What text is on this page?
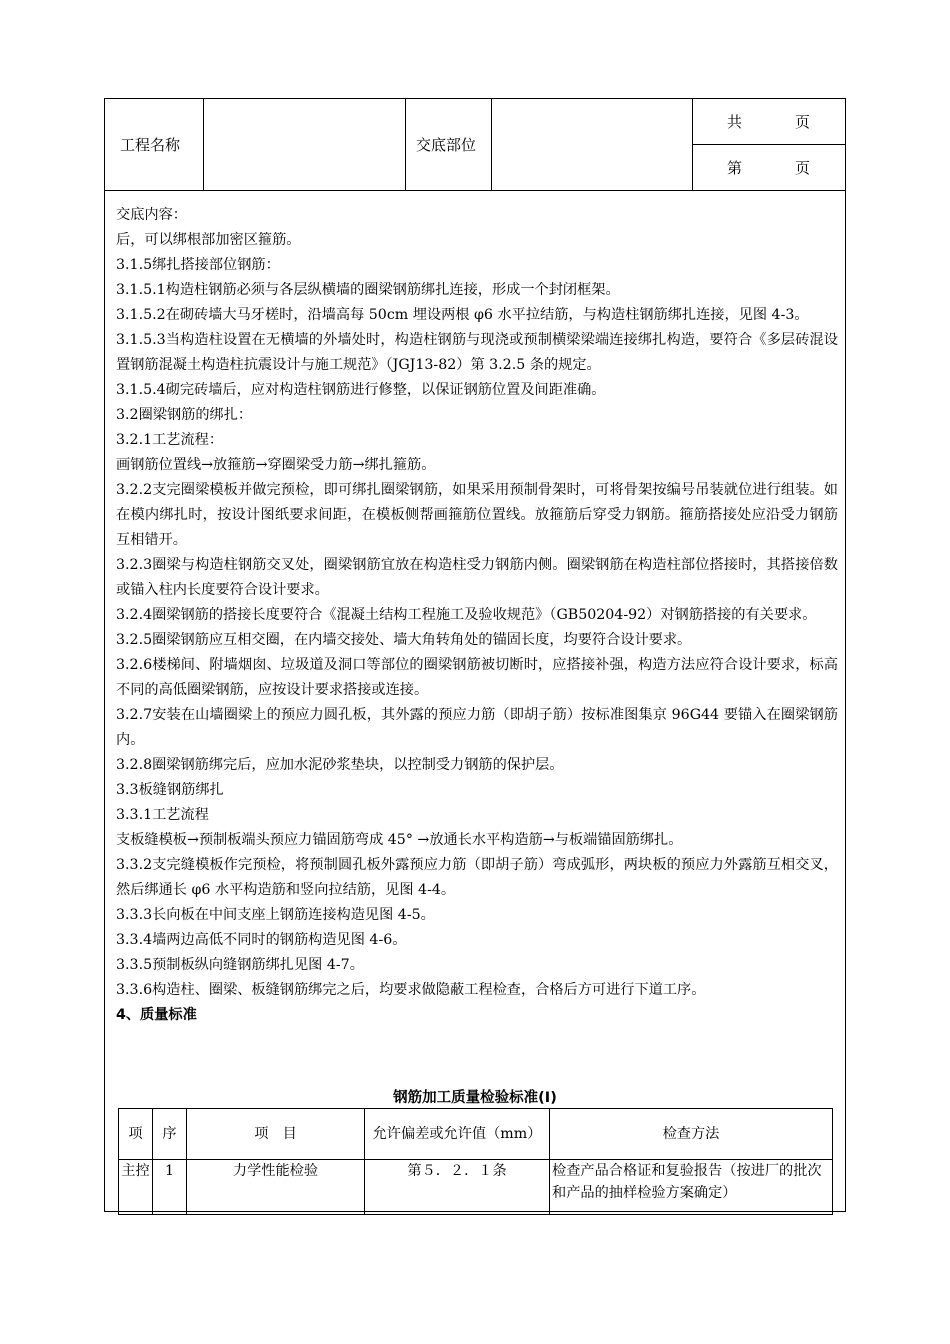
工程名称	交底部位
共	页
第	页

交底内容：

后，可以绑根部加密区箍筋。

3.1.5绑扎搭接部位钢筋：

3.1.5.1构造柱钢筋必须与各层纵横墙的圈梁钢筋绑扎连接，形成一个封闭框架。

3.1.5.2在砌砖墙大马牙槎时，沿墙高每 50cm 埋设两根 φ6 水平拉结筋，与构造柱钢筋绑扎连接，见图 4-3。

3.1.5.3当构造柱设置在无横墙的外墙处时，构造柱钢筋与现浇或预制横梁梁端连接绑扎构造，要符合《多层砖混设置钢筋混凝土构造柱抗震设计与施工规范》（JGJ13-82）第 3.2.5 条的规定。

3.1.5.4砌完砖墙后，应对构造柱钢筋进行修整，以保证钢筋位置及间距准确。

3.2圈梁钢筋的绑扎：

3.2.1工艺流程：

画钢筋位置线→放箍筋→穿圈梁受力筋→绑扎箍筋。

3.2.2支完圈梁模板并做完预检，即可绑扎圈梁钢筋，如果采用预制骨架时，可将骨架按编号吊装就位进行组装。如在模内绑扎时，按设计图纸要求间距，在模板侧帮画箍筋位置线。放箍筋后穿受力钢筋。箍筋搭接处应沿受力钢筋互相错开。

3.2.3圈梁与构造柱钢筋交叉处，圈梁钢筋宜放在构造柱受力钢筋内侧。圈梁钢筋在构造柱部位搭接时，其搭接倍数或锚入柱内长度要符合设计要求。

3.2.4圈梁钢筋的搭接长度要符合《混凝土结构工程施工及验收规范》（GB50204-92）对钢筋搭接的有关要求。

3.2.5圈梁钢筋应互相交圈，在内墙交接处、墙大角转角处的锚固长度，均要符合设计要求。

3.2.6楼梯间、附墙烟囱、垃圾道及洞口等部位的圈梁钢筋被切断时，应搭接补强，构造方法应符合设计要求，标高不同的高低圈梁钢筋，应按设计要求搭接或连接。

3.2.7安装在山墙圈梁上的预应力圆孔板，其外露的预应力筋（即胡子筋）按标准图集京 96G44 要锚入在圈梁钢筋内。

3.2.8圈梁钢筋绑完后，应加水泥砂浆垫块，以控制受力钢筋的保护层。

3.3板缝钢筋绑扎

3.3.1工艺流程

支板缝模板→预制板端头预应力锚固筋弯成 45° →放通长水平构造筋→与板端锚固筋绑扎。

3.3.2支完缝模板作完预检，将预制圆孔板外露预应力筋（即胡子筋）弯成弧形，两块板的预应力外露筋互相交叉，然后绑通长 φ6 水平构造筋和竖向拉结筋，见图 4-4。

3.3.3长向板在中间支座上钢筋连接构造见图 4-5。

3.3.4墙两边高低不同时的钢筋构造见图 4-6。

3.3.5预制板纵向缝钢筋绑扎见图 4-7。

3.3.6构造柱、圈梁、板缝钢筋绑完之后，均要求做隐蔽工程检查，合格后方可进行下道工序。

4、质量标准

钢筋加工质量检验标准(Ⅰ)
项	序	项　目	允许偏差或允许值（mm）	检查方法
主控	1	力学性能检验	第５．２．１条	检查产品合格证和复验报告（按进厂的批次和产品的抽样检验方案确定）
